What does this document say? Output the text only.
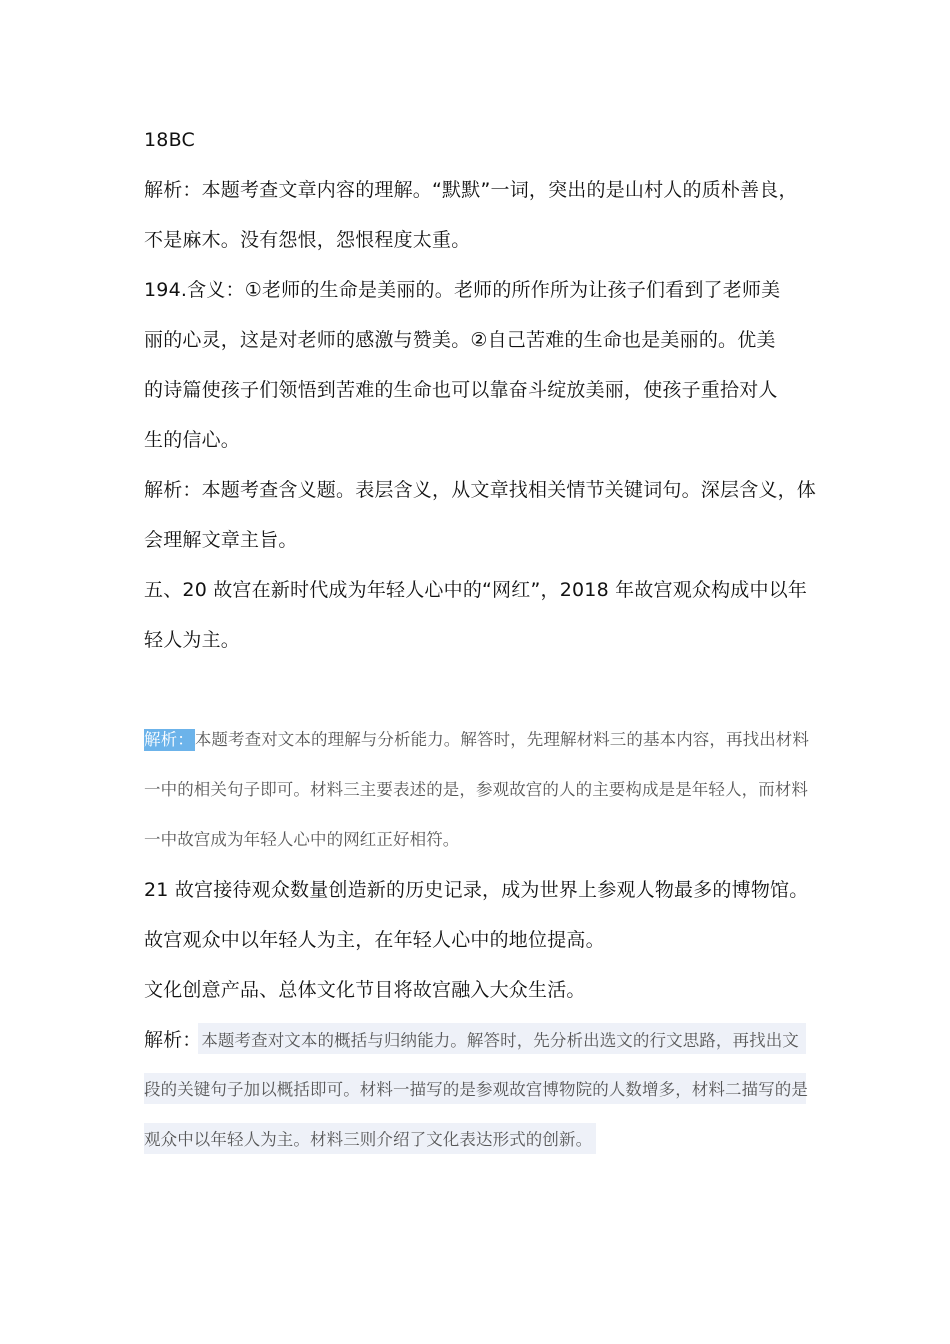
18BC
解析：本题考查文章内容的理解。“默默”一词，突出的是山村人的质朴善良，
不是麻木。没有怨恨，怨恨程度太重。
194.含义：①老师的生命是美丽的。老师的所作所为让孩子们看到了老师美
丽的心灵，这是对老师的感激与赞美。②自己苦难的生命也是美丽的。优美
的诗篇使孩子们领悟到苦难的生命也可以靠奋斗绽放美丽，使孩子重拾对人
生的信心。
解析：本题考查含义题。表层含义，从文章找相关情节关键词句。深层含义，体
会理解文章主旨。
五、20 故宫在新时代成为年轻人心中的“网红”，2018 年故宫观众构成中以年
轻人为主。
解析：本题考查对文本的理解与分析能力。解答时，先理解材料三的基本内容，再找出材料
一中的相关句子即可。材料三主要表述的是，参观故宫的人的主要构成是是年轻人，而材料
一中故宫成为年轻人心中的网红正好相符。
21 故宫接待观众数量创造新的历史记录，成为世界上参观人物最多的博物馆。
故宫观众中以年轻人为主，在年轻人心中的地位提高。
文化创意产品、总体文化节目将故宫融入大众生活。
解析：本题考查对文本的概括与归纳能力。解答时，先分析出选文的行文思路，再找出文
段的关键句子加以概括即可。材料一描写的是参观故宫博物院的人数增多，材料二描写的是
观众中以年轻人为主。材料三则介绍了文化表达形式的创新。
